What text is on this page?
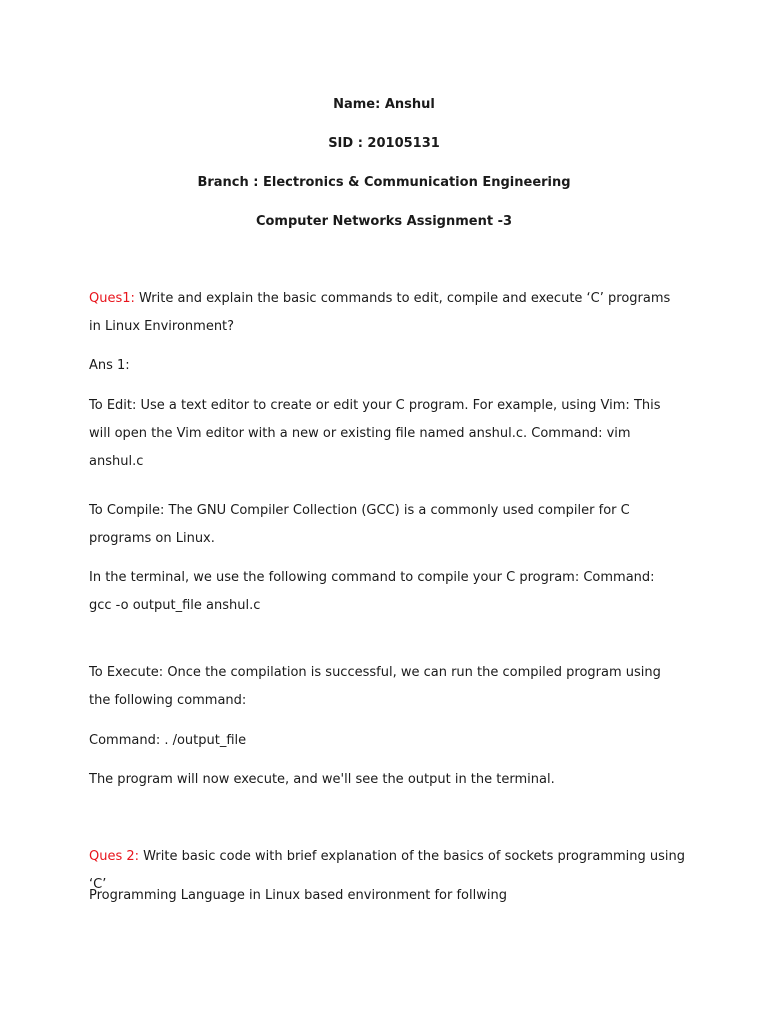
Name: Anshul
SID : 20105131
Branch : Electronics & Communication Engineering
Computer Networks Assignment -3

Ques1: Write and explain the basic commands to edit, compile and execute ‘C’ programs in Linux Environment?

Ans 1:

To Edit: Use a text editor to create or edit your C program. For example, using Vim: This will open the Vim editor with a new or existing file named anshul.c. Command: vim anshul.c

To Compile: The GNU Compiler Collection (GCC) is a commonly used compiler for C programs on Linux.

In the terminal, we use the following command to compile your C program: Command: gcc -o output_file anshul.c

To Execute: Once the compilation is successful, we can run the compiled program using the following command:

Command: . /output_file

The program will now execute, and we'll see the output in the terminal.

Ques 2: Write basic code with brief explanation of the basics of sockets programming using ‘C’

Programming Language in Linux based environment for follwing
